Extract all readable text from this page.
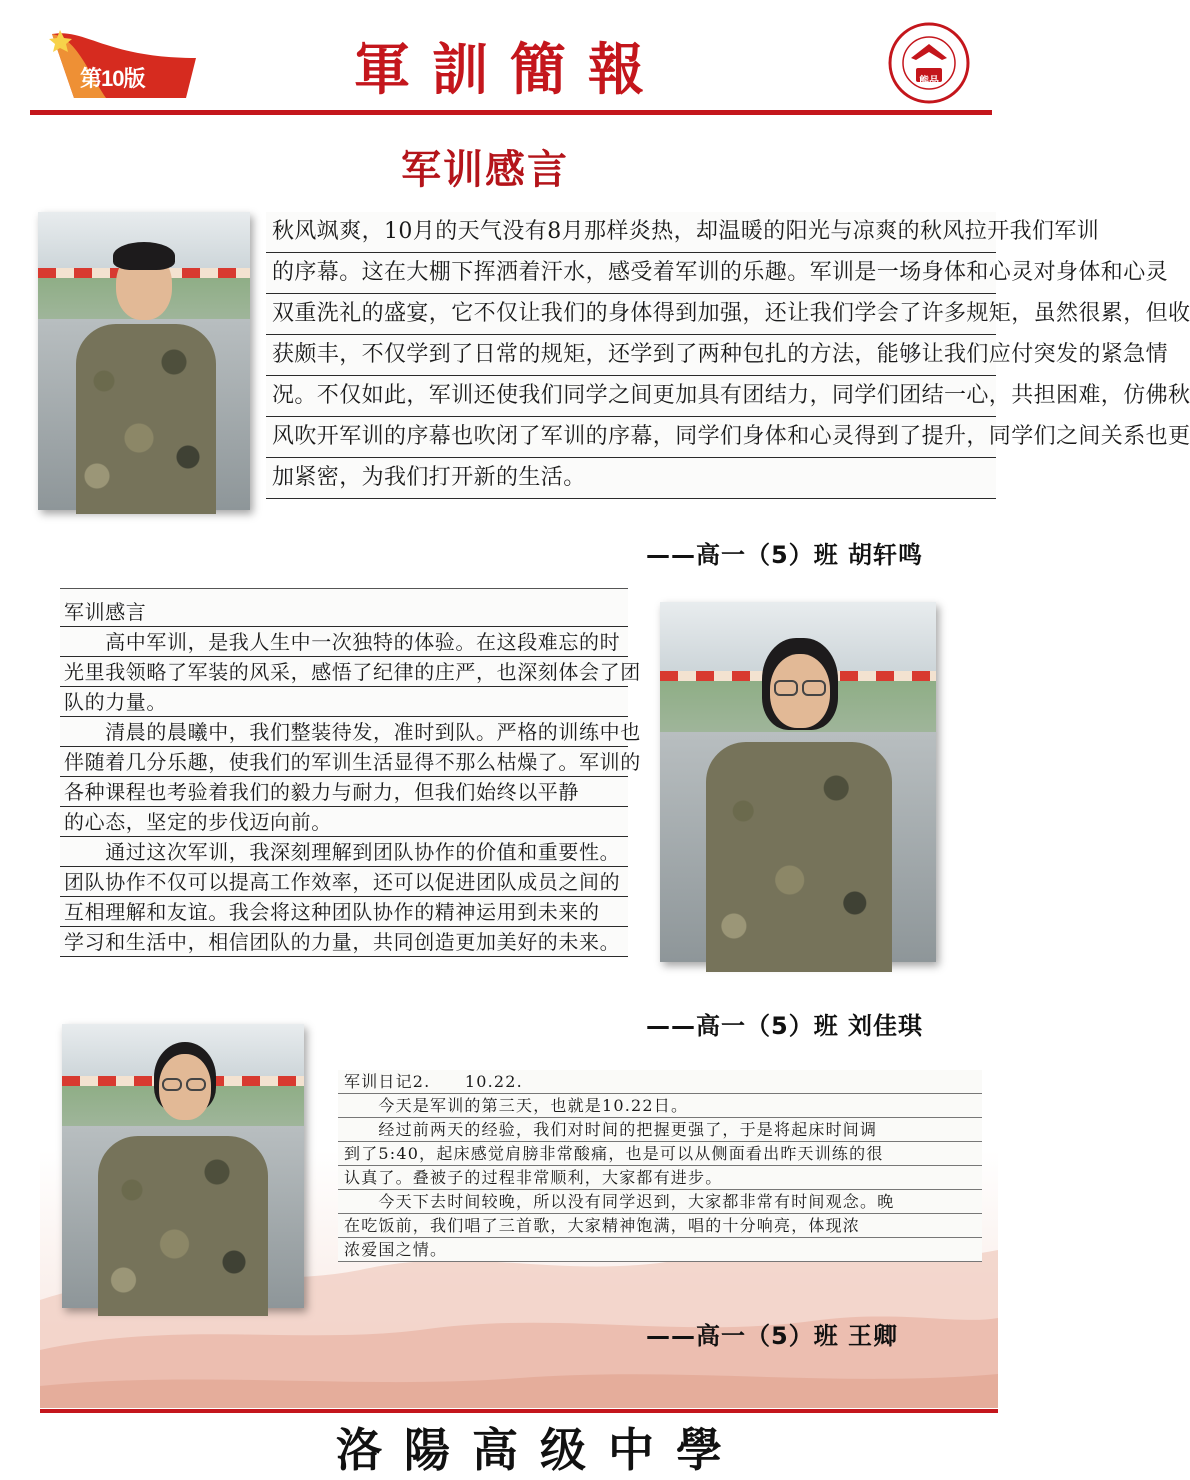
第10版	軍訓簡報	熊品
军训感言
秋风飒爽，10月的天气没有8月那样炎热，却温暖的阳光与凉爽的秋风拉开我们军训
的序幕。这在大棚下挥洒着汗水，感受着军训的乐趣。军训是一场身体和心灵对身体和心灵
双重洗礼的盛宴，它不仅让我们的身体得到加强，还让我们学会了许多规矩，虽然很累，但收
获颇丰，不仅学到了日常的规矩，还学到了两种包扎的方法，能够让我们应付突发的紧急情
况。不仅如此，军训还使我们同学之间更加具有团结力，同学们团结一心，共担困难，仿佛秋
风吹开军训的序幕也吹闭了军训的序幕，同学们身体和心灵得到了提升，同学们之间关系也更
加紧密，为我们打开新的生活。
——高一（5）班 胡轩鸣
军训感言
　　高中军训，是我人生中一次独特的体验。在这段难忘的时
光里我领略了军装的风采，感悟了纪律的庄严，也深刻体会了团
队的力量。
　　清晨的晨曦中，我们整装待发，准时到队。严格的训练中也
伴随着几分乐趣，使我们的军训生活显得不那么枯燥了。军训的
各种课程也考验着我们的毅力与耐力，但我们始终以平静
的心态，坚定的步伐迈向前。
　　通过这次军训，我深刻理解到团队协作的价值和重要性。
团队协作不仅可以提高工作效率，还可以促进团队成员之间的
互相理解和友谊。我会将这种团队协作的精神运用到未来的
学习和生活中，相信团队的力量，共同创造更加美好的未来。
——高一（5）班 刘佳琪
军训日记2.　　10.22.
　　今天是军训的第三天，也就是10.22日。
　　经过前两天的经验，我们对时间的把握更强了，于是将起床时间调
到了5:40，起床感觉肩膀非常酸痛，也是可以从侧面看出昨天训练的很
认真了。叠被子的过程非常顺利，大家都有进步。
　　今天下去时间较晚，所以没有同学迟到，大家都非常有时间观念。晚
在吃饭前，我们唱了三首歌，大家精神饱满，唱的十分响亮，体现浓
浓爱国之情。
——高一（5）班 王卿
洛陽高级中學
